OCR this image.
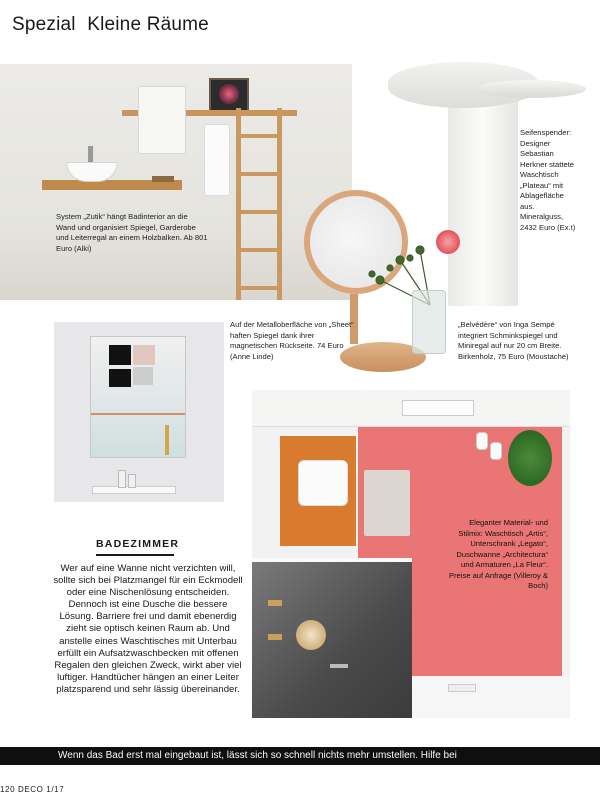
Spezial Kleine Räume
System „Zutik“ hängt Badinterior an die Wand und organisiert Spiegel, Garderobe und Leiterregal an einem Holzbalken. Ab 801 Euro (Alki)
Seifenspender: Designer Sebastian Herkner stattete Waschtisch „Plateau“ mit Ablagefläche aus. Mineralguss, 2432 Euro (Ex.t)
Auf der Metalloberfläche von „Sheet“ haften Spiegel dank ihrer magnetischen Rückseite. 74 Euro (Anne Linde)
„Belvédère“ von Inga Sempé integriert Schminkspiegel und Miniregal auf nur 20 cm Breite. Birkenholz, 75 Euro (Moustache)
Eleganter Material- und Stilmix: Waschtisch „Artis“, Unterschrank „Legato“, Duschwanne „Architectura“ und Armaturen „La Fleur“. Preise auf Anfrage (Villeroy & Boch)
BADEZIMMER
Wer auf eine Wanne nicht verzichten will, sollte sich bei Platzmangel für ein Eckmodell oder eine Nischenlösung entscheiden. Dennoch ist eine Dusche die bessere Lösung. Barriere frei und damit ebenerdig zieht sie optisch keinen Raum ab. Und anstelle eines Waschtisches mit Unterbau erfüllt ein Aufsatzwaschbecken mit offenen Regalen den gleichen Zweck, wirkt aber viel luftiger. Handtücher hängen an einer Leiter platzsparend und sehr lässig übereinander.
Wenn das Bad erst mal eingebaut ist, lässt sich so schnell nichts mehr umstellen. Hilfe bei
120 DECO 1/17
